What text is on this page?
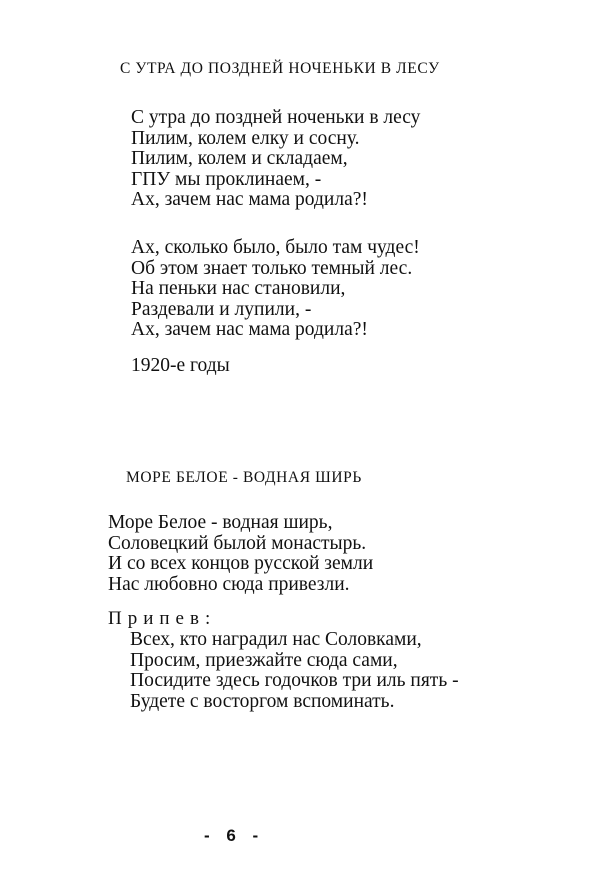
С УТРА ДО ПОЗДНЕЙ НОЧЕНЬКИ В ЛЕСУ
С утра до поздней ноченьки в лесу
Пилим, колем елку и сосну.
Пилим, колем и складаем,
ГПУ мы проклинаем, -
Ах, зачем нас мама родила?!
Ах, сколько было, было там чудес!
Об этом знает только темный лес.
На пеньки нас становили,
Раздевали и лупили, -
Ах, зачем нас мама родила?!
1920-е годы
МОРЕ БЕЛОЕ - ВОДНАЯ ШИРЬ
Море Белое - водная ширь,
Соловецкий былой монастырь.
И со всех концов русской земли
Нас любовно сюда привезли.
Припев:
Всех, кто наградил нас Соловками,
Просим, приезжайте сюда сами,
Посидите здесь годочков три иль пять -
Будете с восторгом вспоминать.
- 6 -
